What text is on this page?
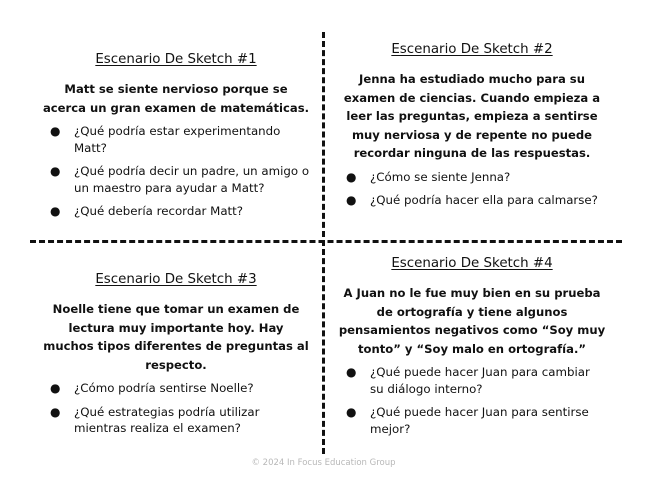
Escenario De Sketch #1
Matt se siente nervioso porque se acerca un gran examen de matemáticas.
● ¿Qué podría estar experimentando Matt?
● ¿Qué podría decir un padre, un amigo o un maestro para ayudar a Matt?
● ¿Qué debería recordar Matt?
Escenario De Sketch #2
Jenna ha estudiado mucho para su examen de ciencias. Cuando empieza a leer las preguntas, empieza a sentirse muy nerviosa y de repente no puede recordar ninguna de las respuestas.
● ¿Cómo se siente Jenna?
● ¿Qué podría hacer ella para calmarse?
Escenario De Sketch #3
Noelle tiene que tomar un examen de lectura muy importante hoy. Hay muchos tipos diferentes de preguntas al respecto.
● ¿Cómo podría sentirse Noelle?
● ¿Qué estrategias podría utilizar mientras realiza el examen?
Escenario De Sketch #4
A Juan no le fue muy bien en su prueba de ortografía y tiene algunos pensamientos negativos como “Soy muy tonto” y “Soy malo en ortografía.”
● ¿Qué puede hacer Juan para cambiar su diálogo interno?
● ¿Qué puede hacer Juan para sentirse mejor?
© 2024 In Focus Education Group
